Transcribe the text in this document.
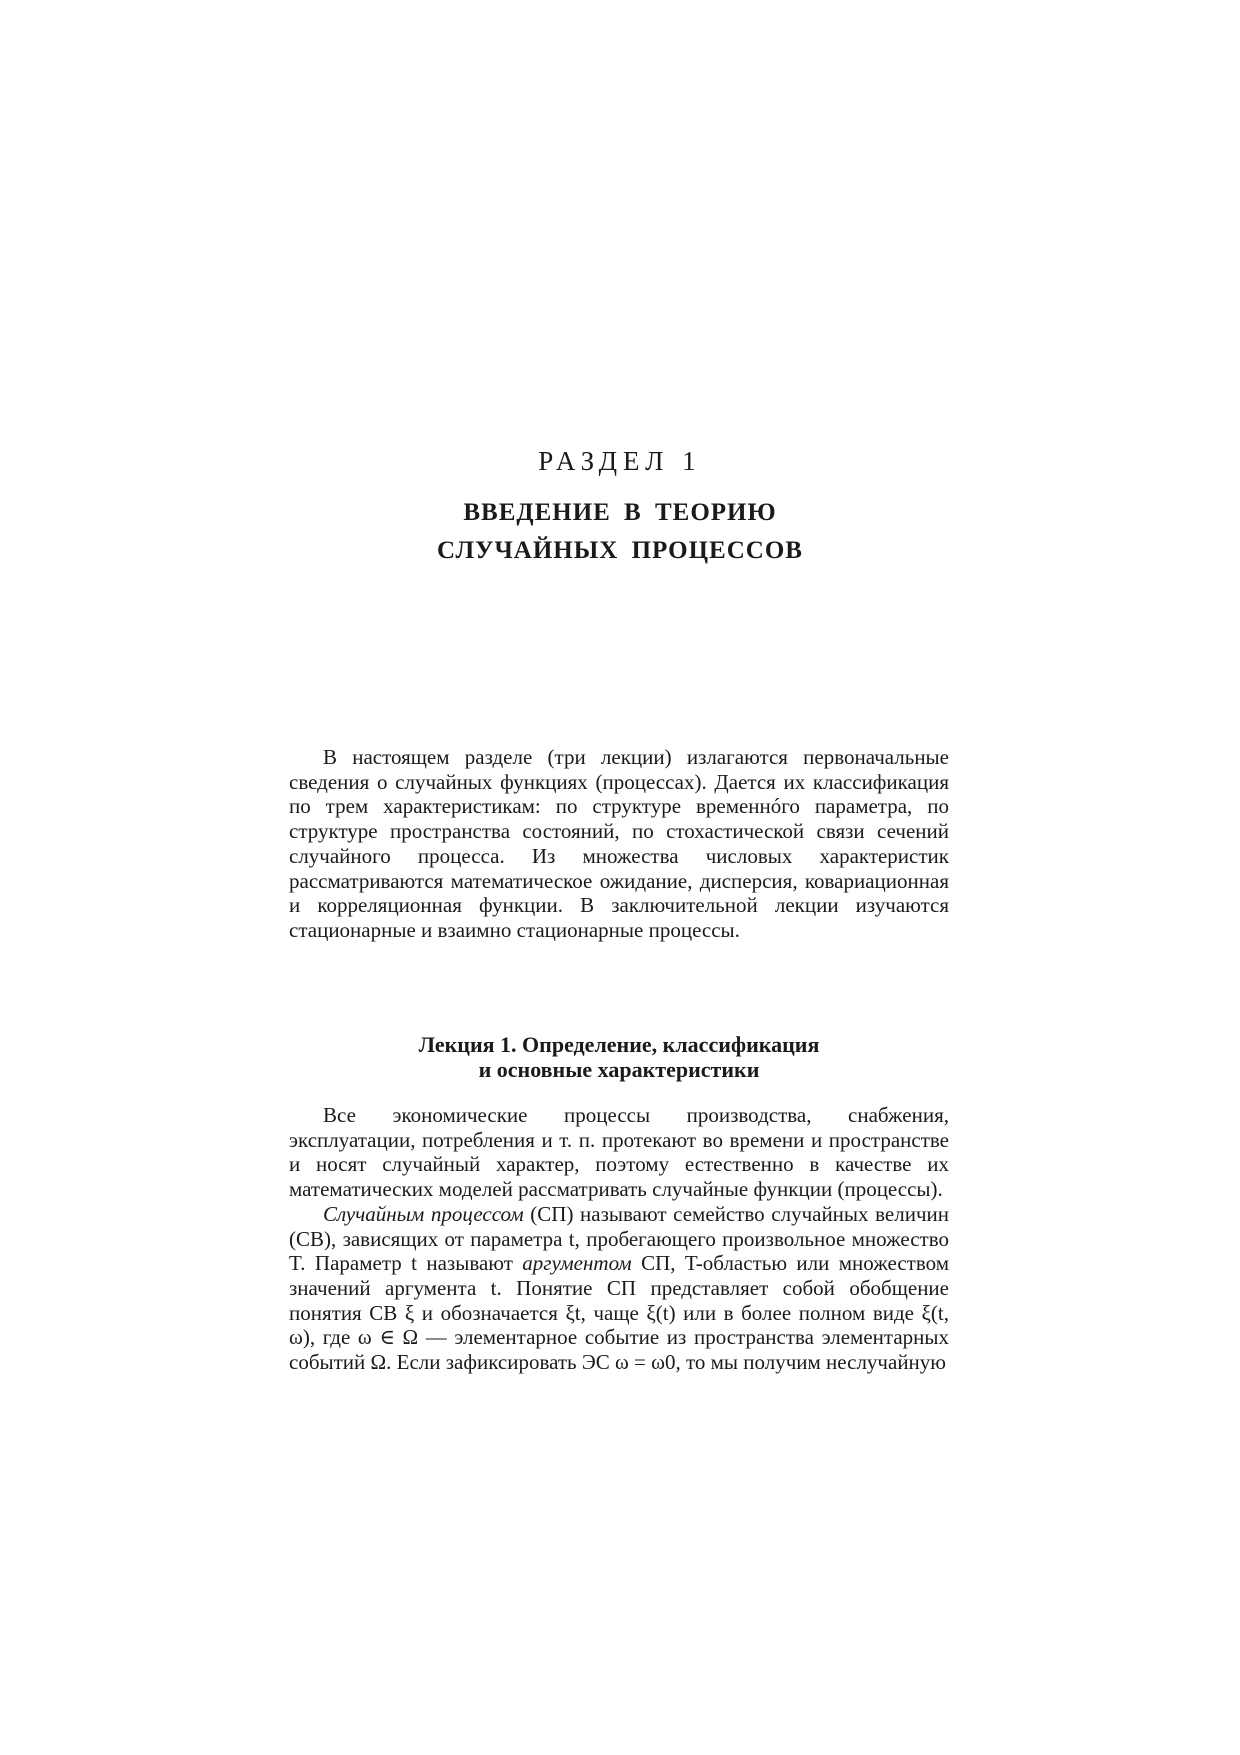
РАЗДЕЛ 1
ВВЕДЕНИЕ В ТЕОРИЮ
СЛУЧАЙНЫХ ПРОЦЕССОВ

В настоящем разделе (три лекции) излагаются первоначальные сведения о случайных функциях (процессах). Дается их классификация по трем характеристикам: по структуре временнóго параметра, по структуре пространства состояний, по стохастической связи сечений случайного процесса. Из множества числовых характеристик рассматриваются математическое ожидание, дисперсия, ковариационная и корреляционная функции. В заключительной лекции изучаются стационарные и взаимно стационарные процессы.

Лекция 1. Определение, классификация
и основные характеристики

Все экономические процессы производства, снабжения, эксплуатации, потребления и т. п. протекают во времени и пространстве и носят случайный характер, поэтому естественно в качестве их математических моделей рассматривать случайные функции (процессы).

Случайным процессом (СП) называют семейство случайных величин (СВ), зависящих от параметра t, пробегающего произвольное множество T. Параметр t называют аргументом СП, T-областью или множеством значений аргумента t. Понятие СП представляет собой обобщение понятия СВ ξ и обозначается ξt, чаще ξ(t) или в более полном виде ξ(t, ω), где ω ∈ Ω — элементарное событие из пространства элементарных событий Ω. Если зафиксировать ЭС ω = ω0, то мы получим неслучайную
